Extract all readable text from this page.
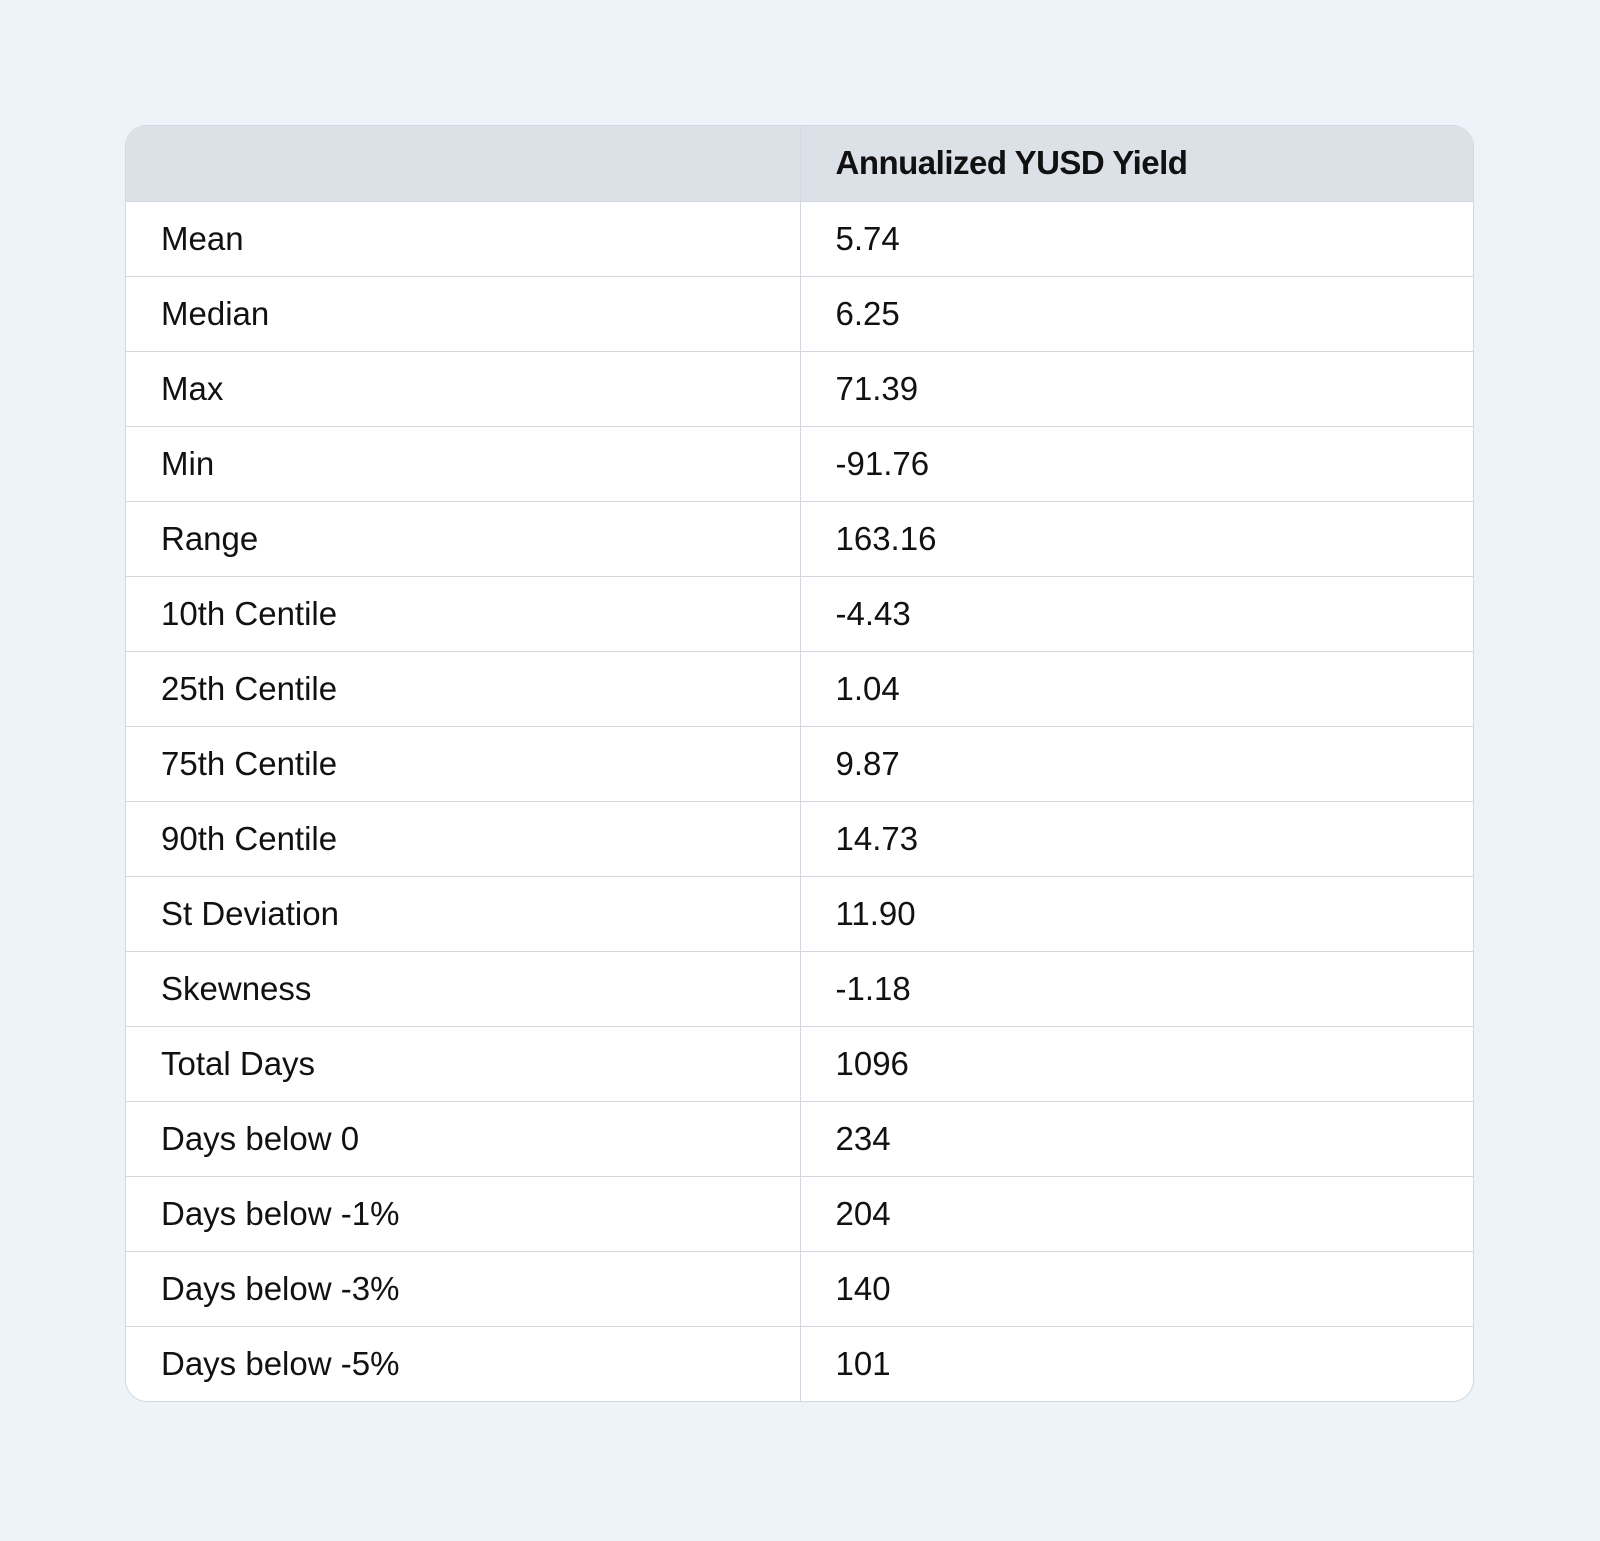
	Annualized YUSD Yield
Mean	5.74
Median	6.25
Max	71.39
Min	-91.76
Range	163.16
10th Centile	-4.43
25th Centile	1.04
75th Centile	9.87
90th Centile	14.73
St Deviation	11.90
Skewness	-1.18
Total Days	1096
Days below 0	234
Days below -1%	204
Days below -3%	140
Days below -5%	101
